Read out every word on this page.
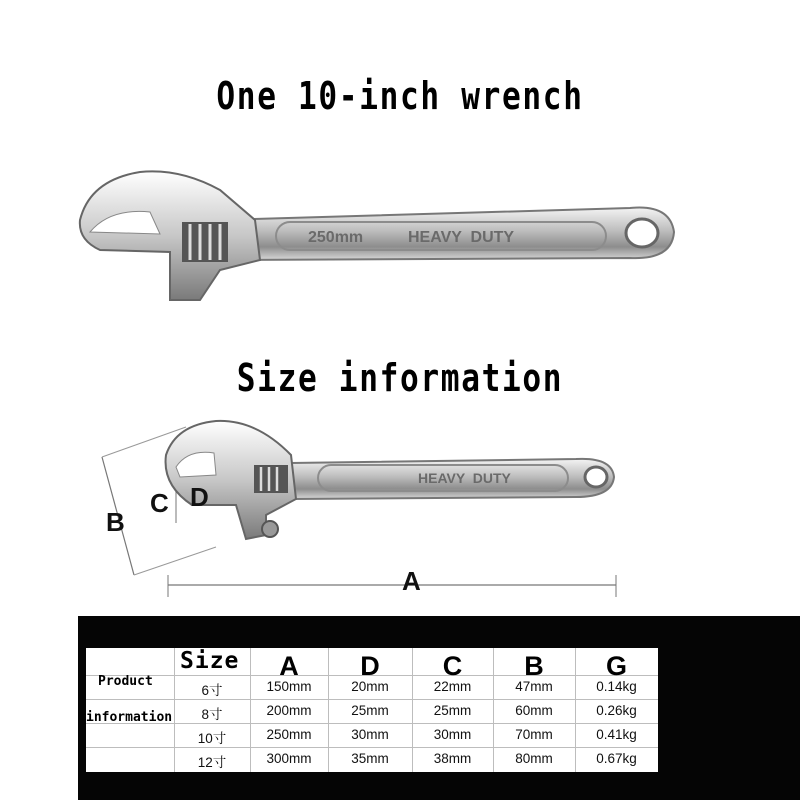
One 10-inch wrench
Size information
250mm	HEAVY  DUTY
HEAVY  DUTY
B
C D
A
Product
information
Size	A	D	C	B	G
6寸	150mm	20mm	22mm	47mm	0.14kg
8寸	200mm	25mm	25mm	60mm	0.26kg
10寸	250mm	30mm	30mm	70mm	0.41kg
12寸	300mm	35mm	38mm	80mm	0.67kg
